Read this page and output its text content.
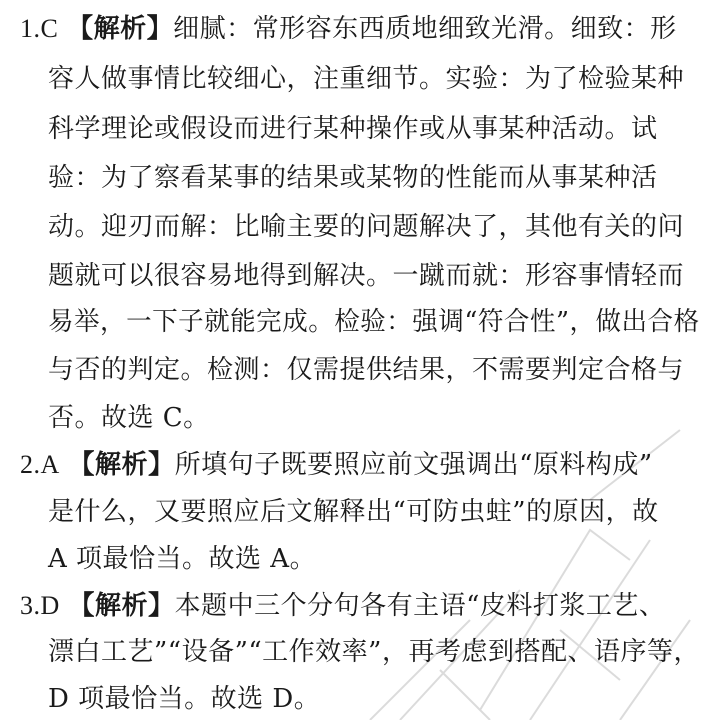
1.C 【解析】细腻：常形容东西质地细致光滑。细致：形
容人做事情比较细心，注重细节。实验：为了检验某种
科学理论或假设而进行某种操作或从事某种活动。试
验：为了察看某事的结果或某物的性能而从事某种活
动。迎刃而解：比喻主要的问题解决了，其他有关的问
题就可以很容易地得到解决。一蹴而就：形容事情轻而
易举，一下子就能完成。检验：强调“符合性”，做出合格
与否的判定。检测：仅需提供结果，不需要判定合格与
否。故选 C。
2.A 【解析】所填句子既要照应前文强调出“原料构成”
是什么，又要照应后文解释出“可防虫蛀”的原因，故
A 项最恰当。故选 A。
3.D 【解析】本题中三个分句各有主语“皮料打浆工艺、
漂白工艺”“设备”“工作效率”，再考虑到搭配、语序等，
D 项最恰当。故选 D。
